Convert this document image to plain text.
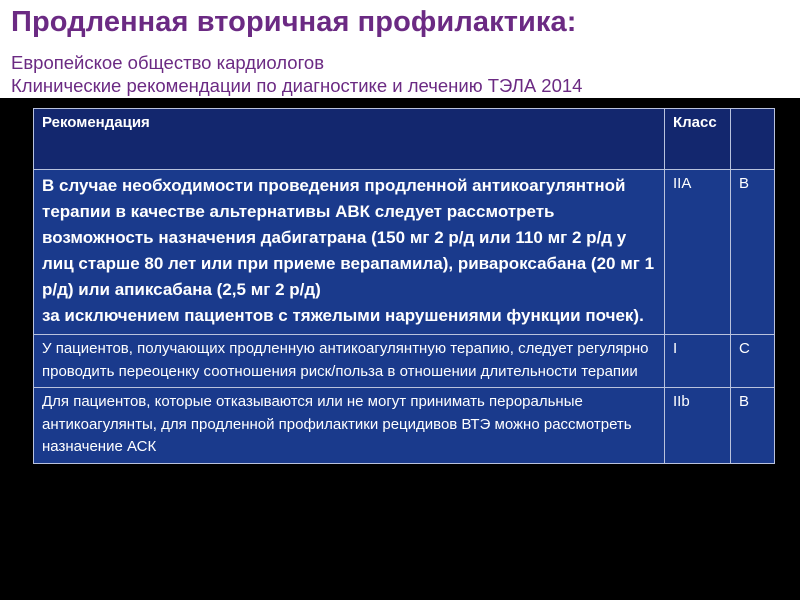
Продленная вторичная профилактика:
Европейское общество кардиологов
Клинические рекомендации по диагностике и лечению ТЭЛА 2014
Рекомендация	Класс	
В случае необходимости проведения продленной антикоагулянтной терапии в качестве альтернативы АВК следует рассмотреть возможность назначения дабигатрана (150 мг 2 р/д или 110 мг 2 р/д у лиц старше 80 лет или при приеме верапамила), ривароксабана (20 мг 1 р/д) или апиксабана (2,5 мг 2 р/д)
за исключением пациентов с тяжелыми нарушениями функции почек).	IIA	B
У пациентов, получающих продленную антикоагулянтную терапию, следует регулярно проводить переоценку соотношения риск/польза в отношении длительности терапии	I	C
Для пациентов, которые отказываются или не могут принимать пероральные антикоагулянты, для продленной профилактики рецидивов ВТЭ можно рассмотреть назначение АСК	IIb	B
